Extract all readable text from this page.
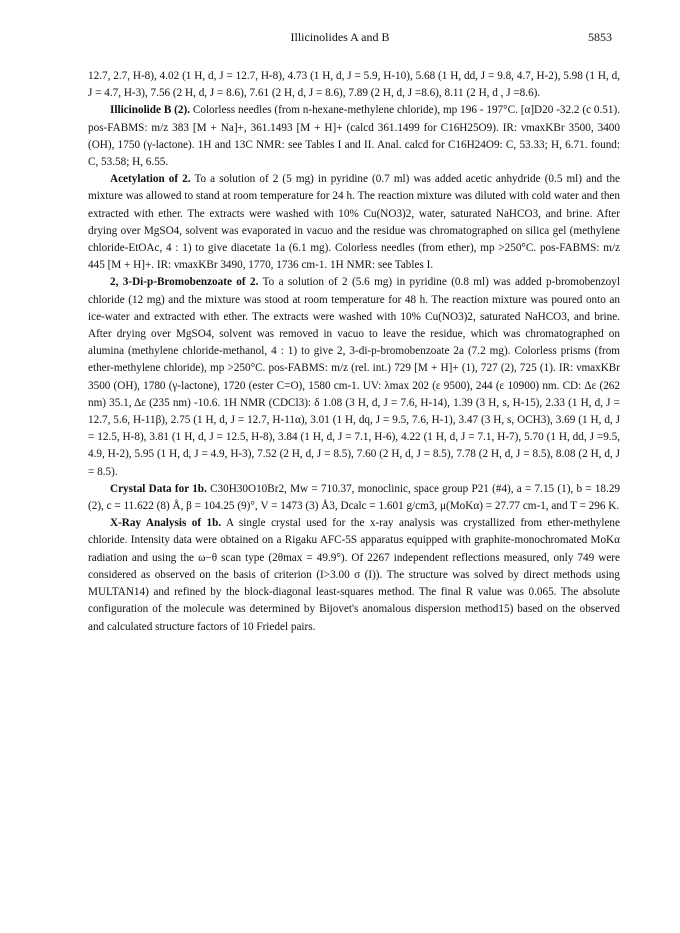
Illicinolides A and B	5853

12.7, 2.7, H-8), 4.02 (1 H, d, J = 12.7, H-8), 4.73 (1 H, d, J = 5.9, H-10), 5.68 (1 H, dd, J = 9.8, 4.7, H-2), 5.98 (1 H, d, J = 4.7, H-3), 7.56 (2 H, d, J = 8.6), 7.61 (2 H, d, J = 8.6), 7.89 (2 H, d, J =8.6), 8.11 (2 H, d , J =8.6).

Illicinolide B (2). Colorless needles (from n-hexane-methylene chloride), mp 196 - 197°C. [α]D20 -32.2 (c 0.51). pos-FABMS: m/z 383 [M + Na]+, 361.1493 [M + H]+ (calcd 361.1499 for C16H25O9). IR: νmaxKBr 3500, 3400 (OH), 1750 (γ-lactone). 1H and 13C NMR: see Tables I and II. Anal. calcd for C16H24O9: C, 53.33; H, 6.71. found: C, 53.58; H, 6.55.

Acetylation of 2. To a solution of 2 (5 mg) in pyridine (0.7 ml) was added acetic anhydride (0.5 ml) and the mixture was allowed to stand at room temperature for 24 h. The reaction mixture was diluted with cold water and then extracted with ether. The extracts were washed with 10% Cu(NO3)2, water, saturated NaHCO3, and brine. After drying over MgSO4, solvent was evaporated in vacuo and the residue was chromatographed on silica gel (methylene chloride-EtOAc, 4 : 1) to give diacetate 1a (6.1 mg). Colorless needles (from ether), mp >250°C. pos-FABMS: m/z 445 [M + H]+. IR: νmaxKBr 3490, 1770, 1736 cm-1. 1H NMR: see Tables I.

2, 3-Di-p-Bromobenzoate of 2. To a solution of 2 (5.6 mg) in pyridine (0.8 ml) was added p-bromobenzoyl chloride (12 mg) and the mixture was stood at room temperature for 48 h. The reaction mixture was poured onto an ice-water and extracted with ether. The extracts were washed with 10% Cu(NO3)2, saturated NaHCO3, and brine. After drying over MgSO4, solvent was removed in vacuo to leave the residue, which was chromatographed on alumina (methylene chloride-methanol, 4 : 1) to give 2, 3-di-p-bromobenzoate 2a (7.2 mg). Colorless prisms (from ether-methylene chloride), mp >250°C. pos-FABMS: m/z (rel. int.) 729 [M + H]+ (1), 727 (2), 725 (1). IR: νmaxKBr 3500 (OH), 1780 (γ-lactone), 1720 (ester C=O), 1580 cm-1. UV: λmax 202 (ε 9500), 244 (ε 10900) nm. CD: Δε (262 nm) 35.1, Δε (235 nm) -10.6. 1H NMR (CDCl3): δ 1.08 (3 H, d, J = 7.6, H-14), 1.39 (3 H, s, H-15), 2.33 (1 H, d, J = 12.7, 5.6, H-11β), 2.75 (1 H, d, J = 12.7, H-11α), 3.01 (1 H, dq, J = 9.5, 7.6, H-1), 3.47 (3 H, s, OCH3), 3.69 (1 H, d, J = 12.5, H-8), 3.81 (1 H, d, J = 12.5, H-8), 3.84 (1 H, d, J = 7.1, H-6), 4.22 (1 H, d, J = 7.1, H-7), 5.70 (1 H, dd, J =9.5, 4.9, H-2), 5.95 (1 H, d, J = 4.9, H-3), 7.52 (2 H, d, J = 8.5), 7.60 (2 H, d, J = 8.5), 7.78 (2 H, d, J = 8.5), 8.08 (2 H, d, J = 8.5).

Crystal Data for 1b. C30H30O10Br2, Mw = 710.37, monoclinic, space group P21 (#4), a = 7.15 (1), b = 18.29 (2), c = 11.622 (8) Å, β = 104.25 (9)°, V = 1473 (3) Å3, Dcalc = 1.601 g/cm3, μ(MoKα) = 27.77 cm-1, and T = 296 K.

X-Ray Analysis of 1b. A single crystal used for the x-ray analysis was crystallized from ether-methylene chloride. Intensity data were obtained on a Rigaku AFC-5S apparatus equipped with graphite-monochromated MoKα radiation and using the ω−θ scan type (2θmax = 49.9°). Of 2267 independent reflections measured, only 749 were considered as observed on the basis of criterion (I>3.00 σ (I)). The structure was solved by direct methods using MULTAN14) and refined by the block-diagonal least-squares method. The final R value was 0.065. The absolute configuration of the molecule was determined by Bijovet's anomalous dispersion method15) based on the observed and calculated structure factors of 10 Friedel pairs.
